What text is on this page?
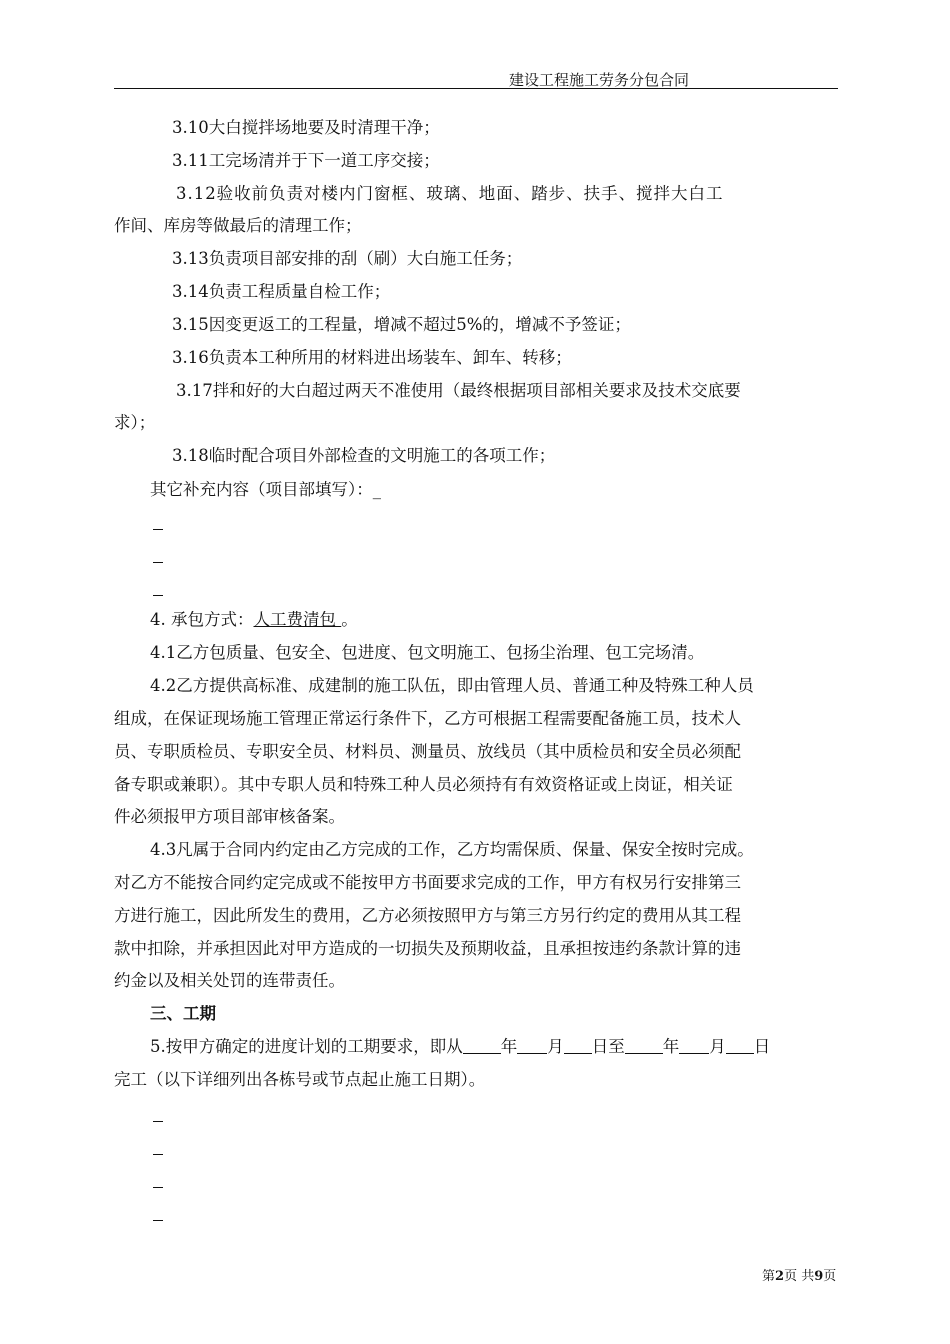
建设工程施工劳务分包合同
3.10大白搅拌场地要及时清理干净；
3.11工完场清并于下一道工序交接；
3.12验收前负责对楼内门窗框、玻璃、地面、踏步、扶手、搅拌大白工
作间、库房等做最后的清理工作；
3.13负责项目部安排的刮（刷）大白施工任务；
3.14负责工程质量自检工作；
3.15因变更返工的工程量，增减不超过5%的，增减不予签证；
3.16负责本工种所用的材料进出场装车、卸车、转移；
3.17拌和好的大白超过两天不准使用（最终根据项目部相关要求及技术交底要
求）；
3.18临时配合项目外部检查的文明施工的各项工作；
其它补充内容（项目部填写）：_
4. 承包方式：人工费清包 。
4.1乙方包质量、包安全、包进度、包文明施工、包扬尘治理、包工完场清。
4.2乙方提供高标准、成建制的施工队伍，即由管理人员、普通工种及特殊工种人员
组成，在保证现场施工管理正常运行条件下，乙方可根据工程需要配备施工员，技术人
员、专职质检员、专职安全员、材料员、测量员、放线员（其中质检员和安全员必须配
备专职或兼职）。其中专职人员和特殊工种人员必须持有有效资格证或上岗证，相关证
件必须报甲方项目部审核备案。
4.3凡属于合同内约定由乙方完成的工作，乙方均需保质、保量、保安全按时完成。
对乙方不能按合同约定完成或不能按甲方书面要求完成的工作，甲方有权另行安排第三
方进行施工，因此所发生的费用，乙方必须按照甲方与第三方另行约定的费用从其工程
款中扣除，并承担因此对甲方造成的一切损失及预期收益，且承担按违约条款计算的违
约金以及相关处罚的连带责任。
三、工期
5.按甲方确定的进度计划的工期要求，即从 年 月 日至 年 月 日
完工（以下详细列出各栋号或节点起止施工日期）。
第2页 共9页
